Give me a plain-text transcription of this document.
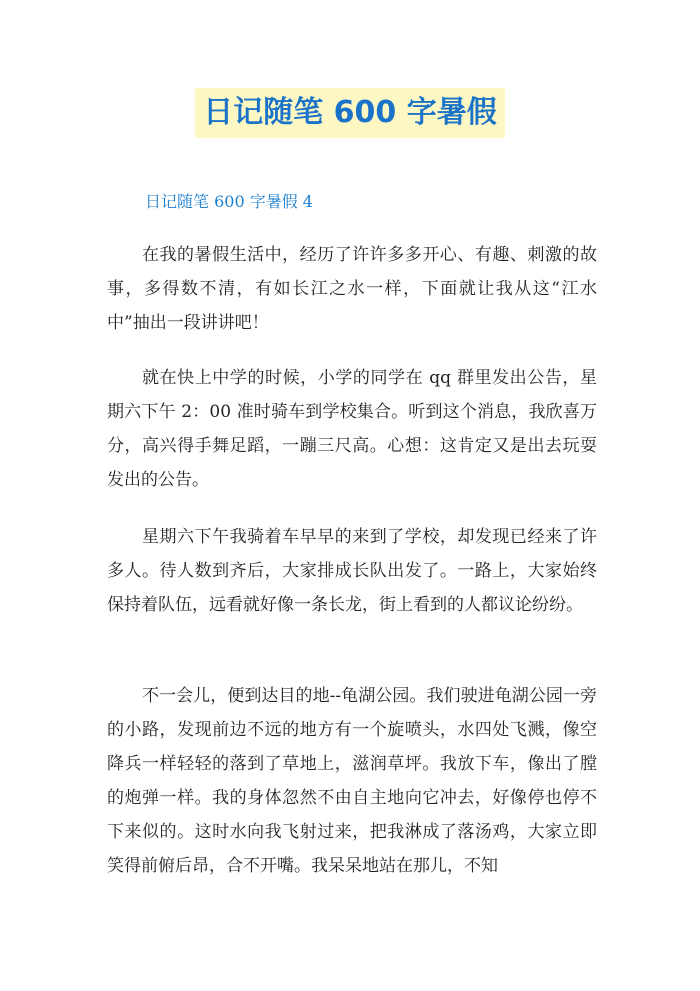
日记随笔 600 字暑假
日记随笔 600 字暑假 4

在我的暑假生活中，经历了许许多多开心、有趣、刺激的故事，多得数不清，有如长江之水一样，下面就让我从这“江水中”抽出一段讲讲吧！

就在快上中学的时候，小学的同学在 qq 群里发出公告，星期六下午 2：00 准时骑车到学校集合。听到这个消息，我欣喜万分，高兴得手舞足蹈，一蹦三尺高。心想：这肯定又是出去玩耍发出的公告。

星期六下午我骑着车早早的来到了学校，却发现已经来了许多人。待人数到齐后，大家排成长队出发了。一路上，大家始终保持着队伍，远看就好像一条长龙，街上看到的人都议论纷纷。

不一会儿，便到达目的地--龟湖公园。我们驶进龟湖公园一旁的小路，发现前边不远的地方有一个旋喷头，水四处飞溅，像空降兵一样轻轻的落到了草地上，滋润草坪。我放下车，像出了膛的炮弹一样。我的身体忽然不由自主地向它冲去，好像停也停不下来似的。这时水向我飞射过来，把我淋成了落汤鸡，大家立即笑得前俯后昂，合不开嘴。我呆呆地站在那儿，不知
